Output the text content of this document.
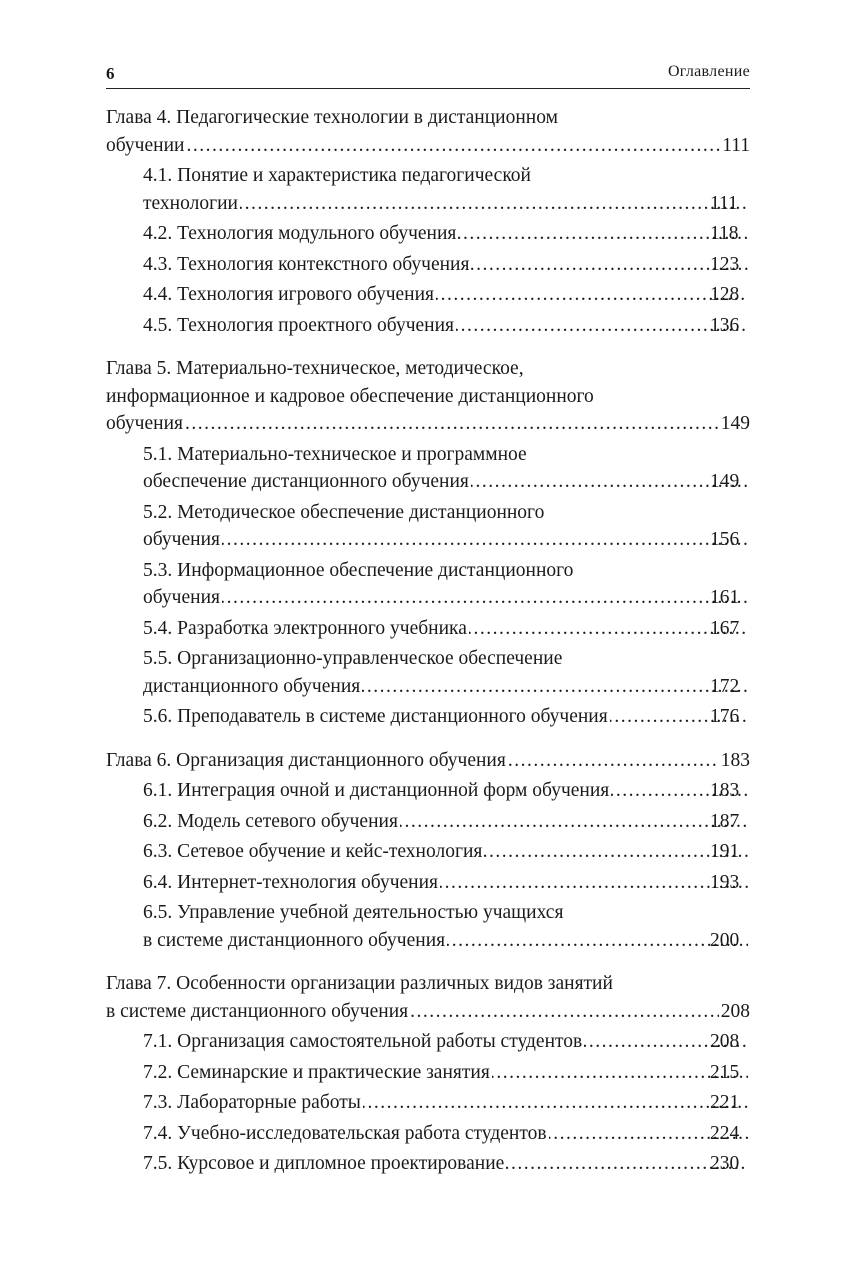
6	Оглавление
Глава 4. Педагогические технологии в дистанционном
обучении .....	111
4.1. Понятие и характеристика педагогической
технологии .....	111
4.2. Технология модульного обучения .....	118
4.3. Технология контекстного обучения .....	123
4.4. Технология игрового обучения .....	128
4.5. Технология проектного обучения .....	136
Глава 5. Материально-техническое, методическое,
информационное и кадровое обеспечение дистанционного
обучения .....	149
5.1. Материально-техническое и программное
обеспечение дистанционного обучения .....	149
5.2. Методическое обеспечение дистанционного
обучения .....	156
5.3. Информационное обеспечение дистанционного
обучения .....	161
5.4. Разработка электронного учебника .....	167
5.5. Организационно-управленческое обеспечение
дистанционного обучения .....	172
5.6. Преподаватель в системе дистанционного обучения .....	176
Глава 6. Организация дистанционного обучения .....	183
6.1. Интеграция очной и дистанционной форм обучения .....	183
6.2. Модель сетевого обучения .....	187
6.3. Сетевое обучение и кейс-технология .....	191
6.4. Интернет-технология обучения .....	193
6.5. Управление учебной деятельностью учащихся
в системе дистанционного обучения .....	200
Глава 7. Особенности организации различных видов занятий
в системе дистанционного обучения .....	208
7.1. Организация самостоятельной работы студентов .....	208
7.2. Семинарские и практические занятия .....	215
7.3. Лабораторные работы .....	221
7.4. Учебно-исследовательская работа студентов .....	224
7.5. Курсовое и дипломное проектирование .....	230
